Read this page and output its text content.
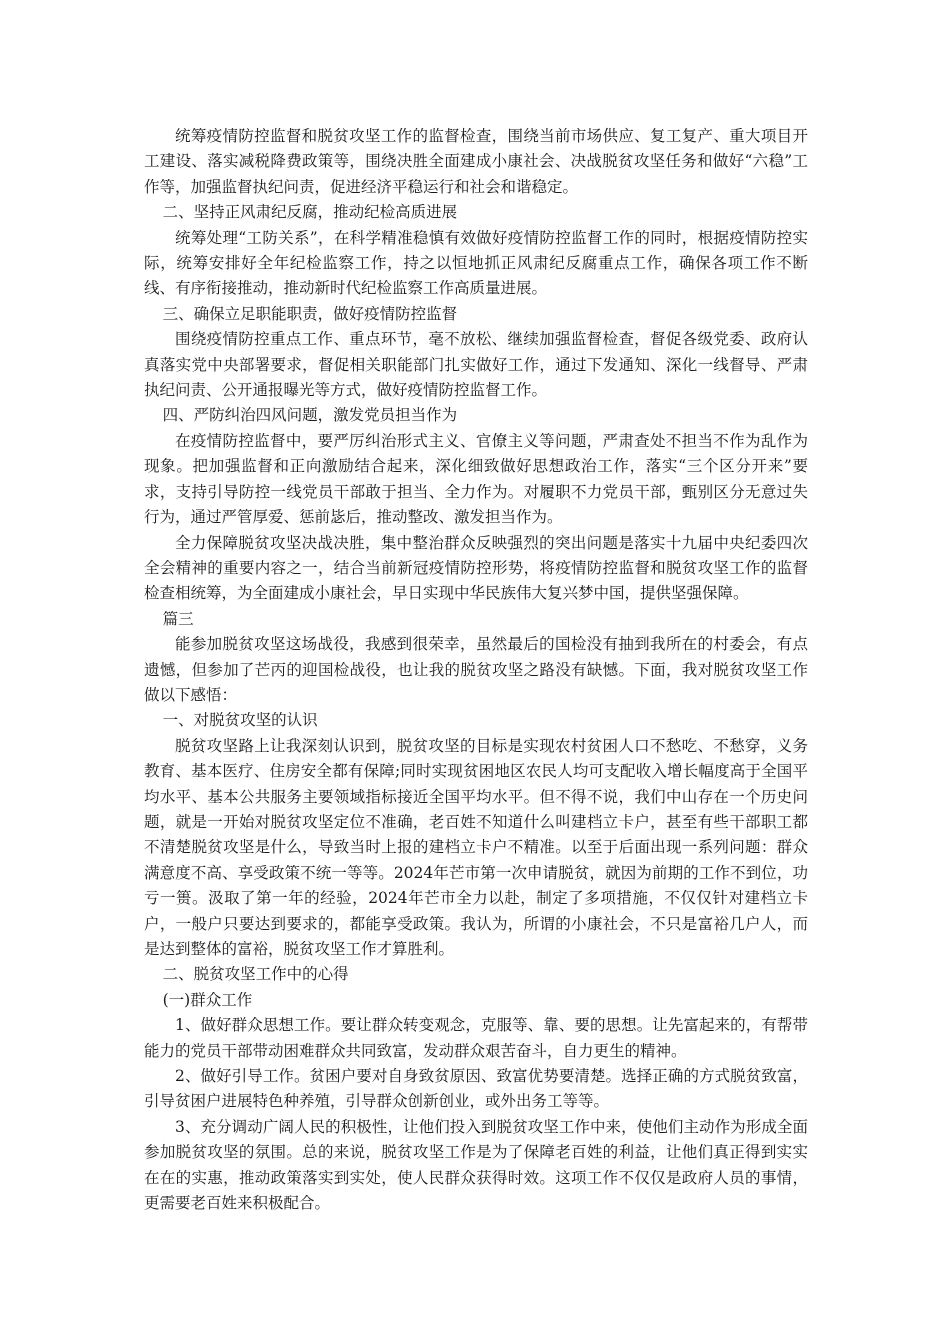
统筹疫情防控监督和脱贫攻坚工作的监督检查，围绕当前市场供应、复工复产、重大项目开工建设、落实减税降费政策等，围绕决胜全面建成小康社会、决战脱贫攻坚任务和做好“六稳”工作等，加强监督执纪问责，促进经济平稳运行和社会和谐稳定。

二、坚持正风肃纪反腐，推动纪检高质进展

统筹处理“工防关系”，在科学精准稳慎有效做好疫情防控监督工作的同时，根据疫情防控实际，统筹安排好全年纪检监察工作，持之以恒地抓正风肃纪反腐重点工作，确保各项工作不断线、有序衔接推动，推动新时代纪检监察工作高质量进展。

三、确保立足职能职责，做好疫情防控监督

围绕疫情防控重点工作、重点环节，毫不放松、继续加强监督检查，督促各级党委、政府认真落实党中央部署要求，督促相关职能部门扎实做好工作，通过下发通知、深化一线督导、严肃执纪问责、公开通报曝光等方式，做好疫情防控监督工作。

四、严防纠治四风问题，激发党员担当作为

在疫情防控监督中，要严厉纠治形式主义、官僚主义等问题，严肃查处不担当不作为乱作为现象。把加强监督和正向激励结合起来，深化细致做好思想政治工作，落实“三个区分开来”要求，支持引导防控一线党员干部敢于担当、全力作为。对履职不力党员干部，甄别区分无意过失行为，通过严管厚爱、惩前毖后，推动整改、激发担当作为。

全力保障脱贫攻坚决战决胜，集中整治群众反映强烈的突出问题是落实十九届中央纪委四次全会精神的重要内容之一，结合当前新冠疫情防控形势，将疫情防控监督和脱贫攻坚工作的监督检查相统筹，为全面建成小康社会，早日实现中华民族伟大复兴梦中国，提供坚强保障。

篇三

能参加脱贫攻坚这场战役，我感到很荣幸，虽然最后的国检没有抽到我所在的村委会，有点遗憾，但参加了芒丙的迎国检战役，也让我的脱贫攻坚之路没有缺憾。下面，我对脱贫攻坚工作做以下感悟：

一、对脱贫攻坚的认识

脱贫攻坚路上让我深刻认识到，脱贫攻坚的目标是实现农村贫困人口不愁吃、不愁穿，义务教育、基本医疗、住房安全都有保障;同时实现贫困地区农民人均可支配收入增长幅度高于全国平均水平、基本公共服务主要领域指标接近全国平均水平。但不得不说，我们中山存在一个历史问题，就是一开始对脱贫攻坚定位不准确，老百姓不知道什么叫建档立卡户，甚至有些干部职工都不清楚脱贫攻坚是什么，导致当时上报的建档立卡户不精准。以至于后面出现一系列问题：群众满意度不高、享受政策不统一等等。2024年芒市第一次申请脱贫，就因为前期的工作不到位，功亏一篑。汲取了第一年的经验，2024年芒市全力以赴，制定了多项措施，不仅仅针对建档立卡户，一般户只要达到要求的，都能享受政策。我认为，所谓的小康社会，不只是富裕几户人，而是达到整体的富裕，脱贫攻坚工作才算胜利。

二、脱贫攻坚工作中的心得

(一)群众工作

1、做好群众思想工作。要让群众转变观念，克服等、靠、要的思想。让先富起来的，有帮带能力的党员干部带动困难群众共同致富，发动群众艰苦奋斗，自力更生的精神。

2、做好引导工作。贫困户要对自身致贫原因、致富优势要清楚。选择正确的方式脱贫致富，引导贫困户进展特色种养殖，引导群众创新创业，或外出务工等等。

3、充分调动广阔人民的积极性，让他们投入到脱贫攻坚工作中来，使他们主动作为形成全面参加脱贫攻坚的氛围。总的来说，脱贫攻坚工作是为了保障老百姓的利益，让他们真正得到实实在在的实惠，推动政策落实到实处，使人民群众获得时效。这项工作不仅仅是政府人员的事情，更需要老百姓来积极配合。
